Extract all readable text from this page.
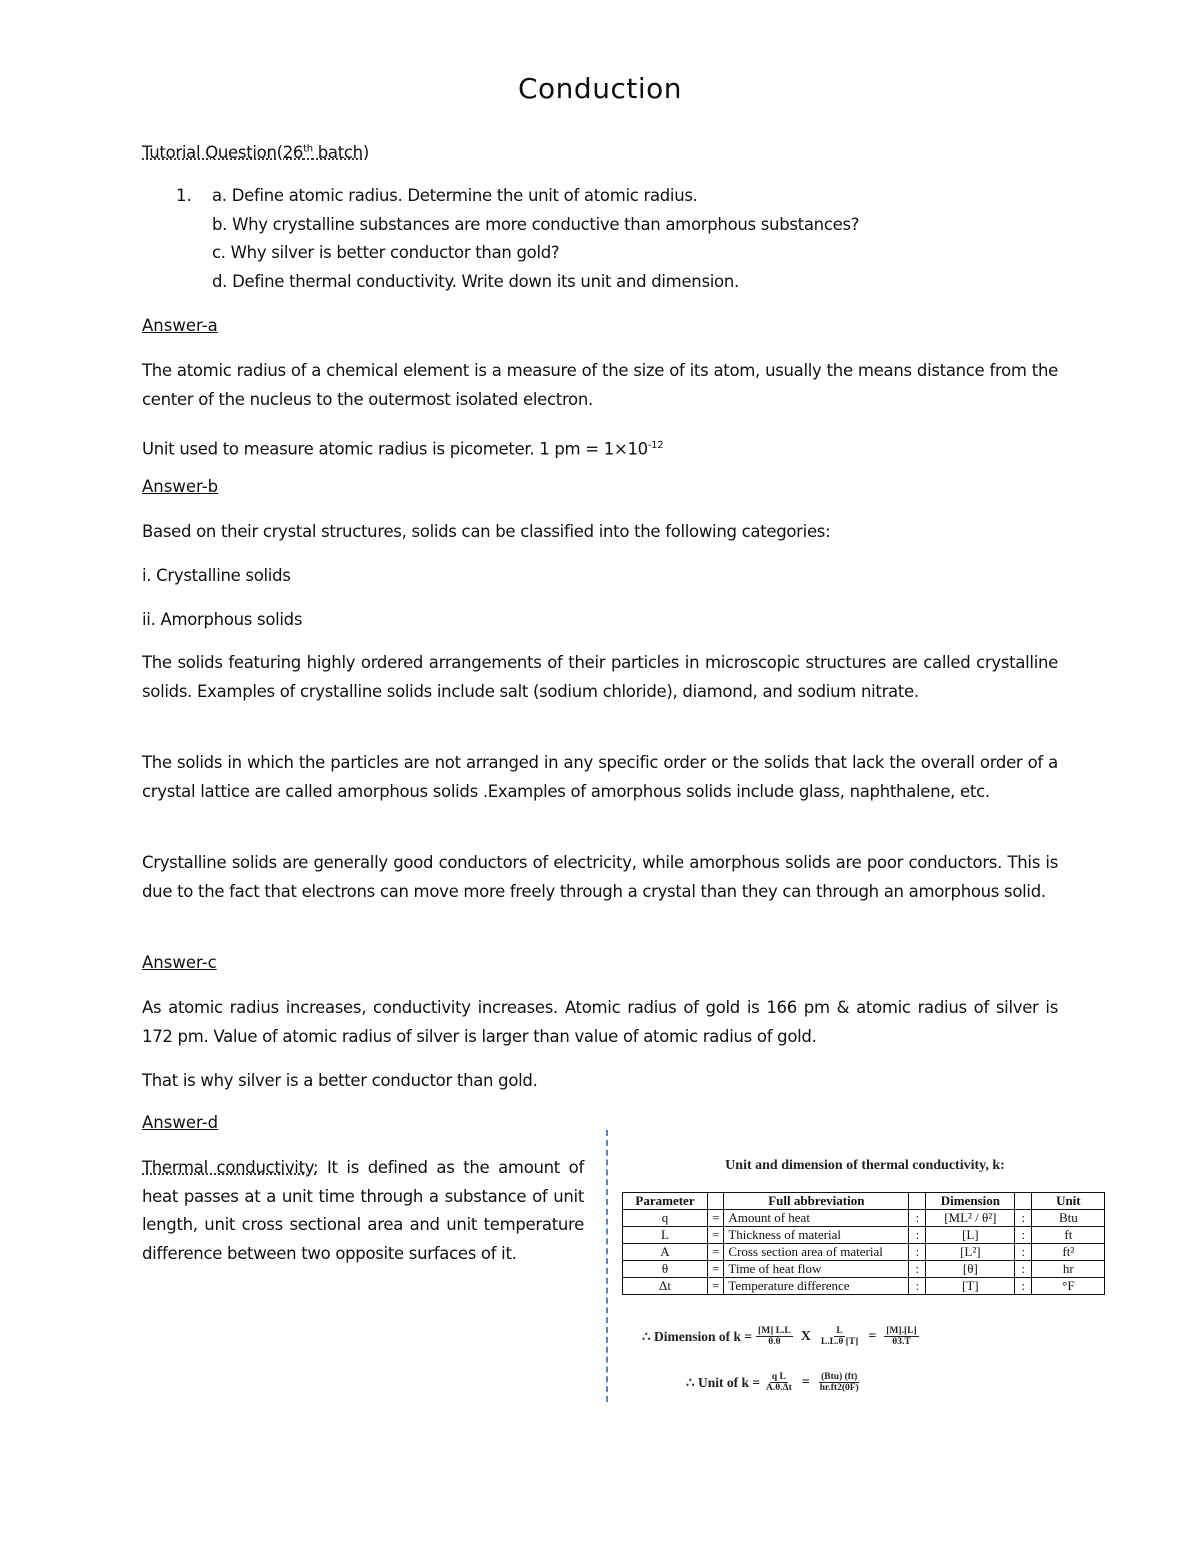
Conduction
Tutorial Question(26th batch)
1. a. Define atomic radius. Determine the unit of atomic radius.
b. Why crystalline substances are more conductive than amorphous substances?
c. Why silver is better conductor than gold?
d. Define thermal conductivity. Write down its unit and dimension.
Answer-a
The atomic radius of a chemical element is a measure of the size of its atom, usually the means distance from the center of the nucleus to the outermost isolated electron.
Unit used to measure atomic radius is picometer. 1 pm = $1\times 10^{-12}$
Answer-b
Based on their crystal structures, solids can be classified into the following categories:
i. Crystalline solids
ii. Amorphous solids
The solids featuring highly ordered arrangements of their particles in microscopic structures are called crystalline solids. Examples of crystalline solids include salt (sodium chloride), diamond, and sodium nitrate.
The solids in which the particles are not arranged in any specific order or the solids that lack the overall order of a crystal lattice are called amorphous solids .Examples of amorphous solids include glass, naphthalene, etc.
Crystalline solids are generally good conductors of electricity, while amorphous solids are poor conductors. This is due to the fact that electrons can move more freely through a crystal than they can through an amorphous solid.
Answer-c
As atomic radius increases, conductivity increases. Atomic radius of gold is 166 pm & atomic radius of silver is 172 pm. Value of atomic radius of silver is larger than value of atomic radius of gold.
That is why silver is a better conductor than gold.
Answer-d
Thermal conductivity: It is defined as the amount of heat passes at a unit time through a substance of unit length, unit cross sectional area and unit temperature difference between two opposite surfaces of it.
Unit and dimension of thermal conductivity, k:
Parameter		Full abbreviation		Dimension		Unit
q	=	Amount of heat	:	[ML² / θ²]	:	Btu
L	=	Thickness of material	:	[L]	:	ft
A	=	Cross section area of material	:	[L²]	:	ft²
θ	=	Time of heat flow	:	[θ]	:	hr
Δt	=	Temperature difference	:	[T]	:	°F
∴ Dimension of $k = \frac{[M] L.L}{\theta.\theta}$ X $\frac{L}{L.L.\theta [T]} = \frac{[M].[L]}{\theta 3.T}$
∴ Unit of $k = \frac{\text{q L}}{A.\theta.\Delta t} = \frac{\text{(Btu) (ft)}}{hr.ft2(0F)}$
